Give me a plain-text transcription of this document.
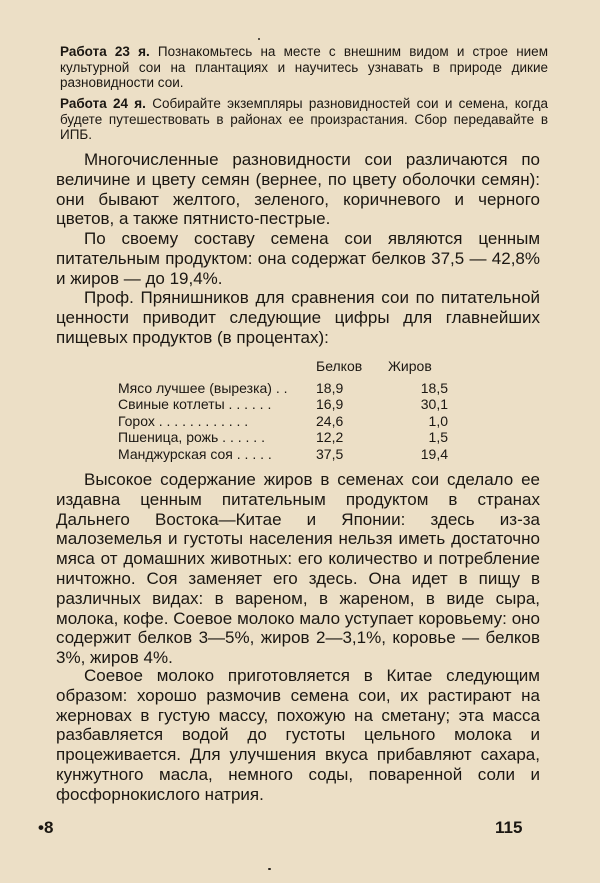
Работа 23 я. Познакомьтесь на месте с внешним видом и строе нием культурной сои на плантациях и научитесь узнавать в природе дикие разновидности сои.
Работа 24 я. Собирайте экземпляры разновидностей сои и семена, когда будете путешествовать в районах ее произрастания. Сбор передавайте в ИПБ.

Многочисленные разновидности сои различаются по величине и цвету семян (вернее, по цвету оболочки семян): они бывают желтого, зеленого, коричневого и черного цветов, а также пятнисто-пестрые.

По своему составу семена сои являются ценным питательным продуктом: она содержат белков 37,5 — 42,8% и жиров — до 19,4%.

Проф. Прянишников для сравнения сои по питательной ценности приводит следующие цифры для главнейших пищевых продуктов (в процентах):

	Белков	Жиров
Мясо лучшее (вырезка) . .	18,9	18,5
Свиные котлеты . . . . . .	16,9	30,1
Горох . . . . . . . . . . . .	24,6	1,0
Пшеница, рожь . . . . . .	12,2	1,5
Манджурская соя . . . . .	37,5	19,4

Высокое содержание жиров в семенах сои сделало ее издавна ценным питательным продуктом в странах Дальнего Востока—Китае и Японии: здесь из-за малоземелья и густоты населения нельзя иметь достаточно мяса от домашних животных: его количество и потребление ничтожно. Соя заменяет его здесь. Она идет в пищу в различных видах: в вареном, в жареном, в виде сыра, молока, кофе. Соевое молоко мало уступает коровьему: оно содержит белков 3—5%, жиров 2—3,1%, коровье — белков 3%, жиров 4%.

Соевое молоко приготовляется в Китае следующим образом: хорошо размочив семена сои, их растирают на жерновах в густую массу, похожую на сметану; эта масса разбавляется водой до густоты цельного молока и процеживается. Для улучшения вкуса прибавляют сахара, кунжутного масла, немного соды, поваренной соли и фосфорнокислого натрия.

•8	115
